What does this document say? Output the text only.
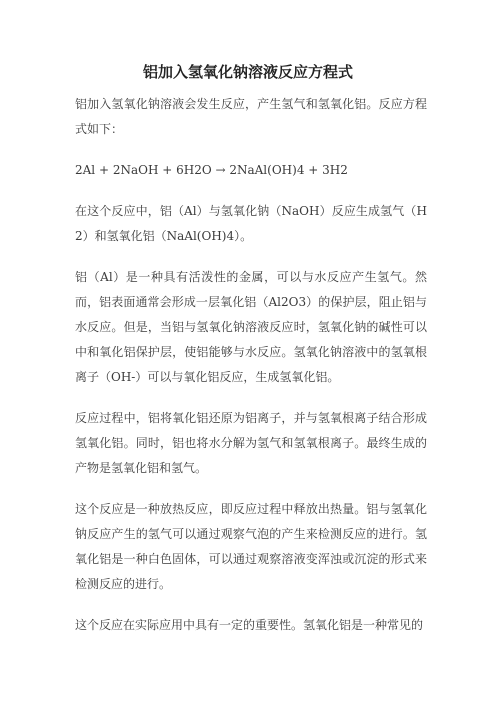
铝加入氢氧化钠溶液反应方程式

铝加入氢氧化钠溶液会发生反应，产生氢气和氢氧化铝。反应方程式如下：

2Al + 2NaOH + 6H2O → 2NaAl(OH)4 + 3H2

在这个反应中，铝（Al）与氢氧化钠（NaOH）反应生成氢气（H2）和氢氧化铝（NaAl(OH)4）。

铝（Al）是一种具有活泼性的金属，可以与水反应产生氢气。然而，铝表面通常会形成一层氧化铝（Al2O3）的保护层，阻止铝与水反应。但是，当铝与氢氧化钠溶液反应时，氢氧化钠的碱性可以中和氧化铝保护层，使铝能够与水反应。氢氧化钠溶液中的氢氧根离子（OH-）可以与氧化铝反应，生成氢氧化铝。

反应过程中，铝将氧化铝还原为铝离子，并与氢氧根离子结合形成氢氧化铝。同时，铝也将水分解为氢气和氢氧根离子。最终生成的产物是氢氧化铝和氢气。

这个反应是一种放热反应，即反应过程中释放出热量。铝与氢氧化钠反应产生的氢气可以通过观察气泡的产生来检测反应的进行。氢氧化铝是一种白色固体，可以通过观察溶液变浑浊或沉淀的形式来检测反应的进行。

这个反应在实际应用中具有一定的重要性。氢氧化铝是一种常见的
